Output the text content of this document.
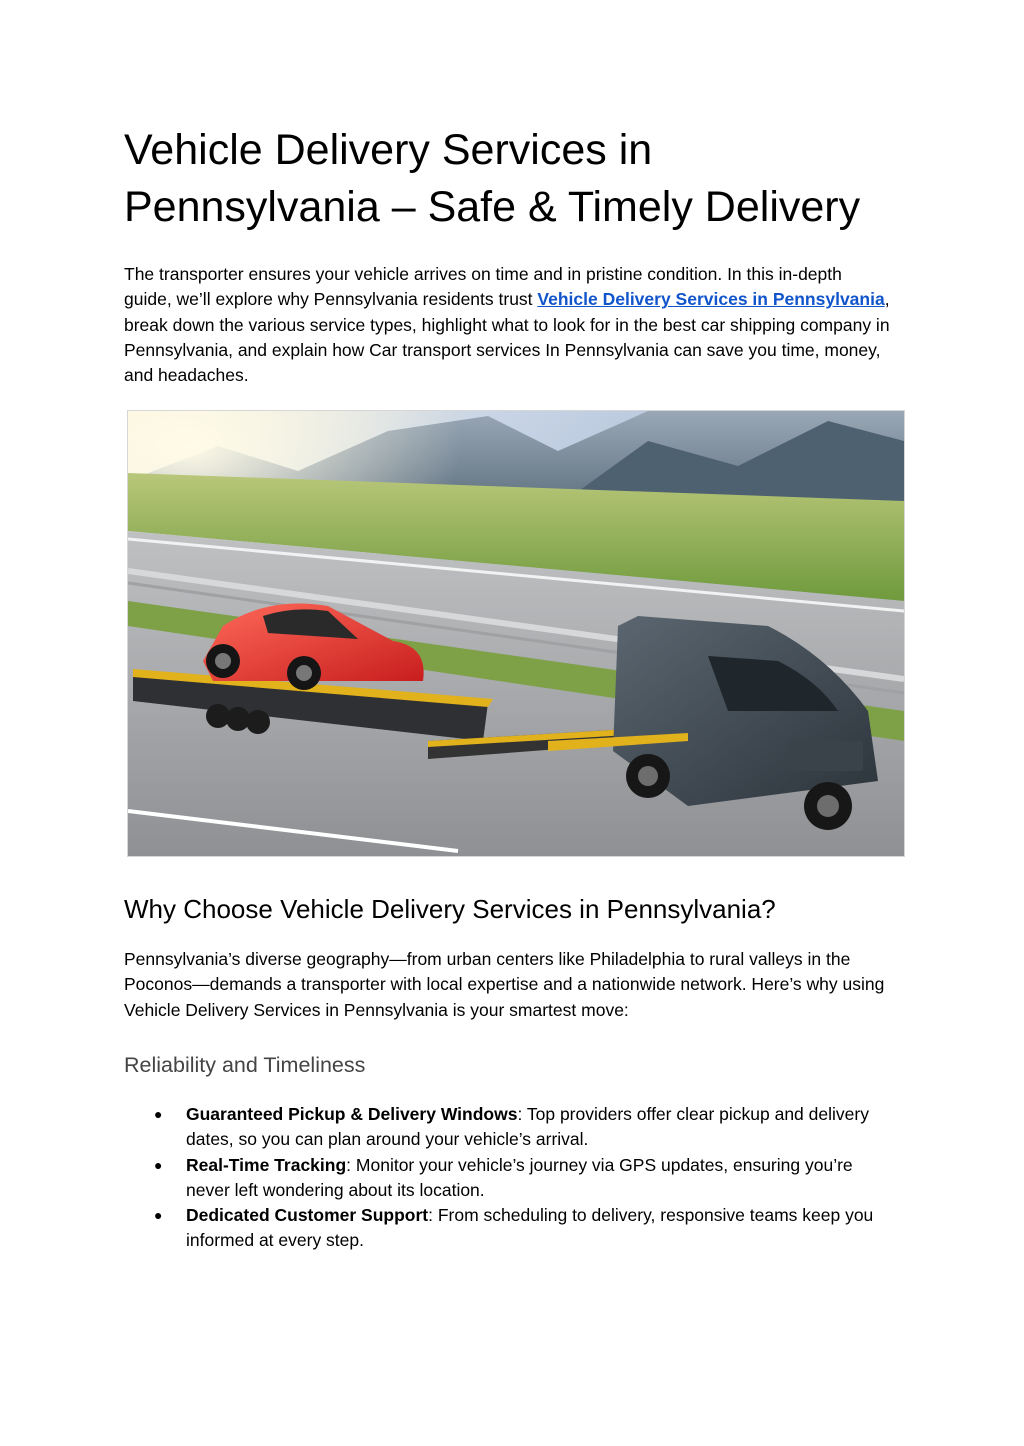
Vehicle Delivery Services in Pennsylvania – Safe & Timely Delivery

The transporter ensures your vehicle arrives on time and in pristine condition. In this in-depth guide, we’ll explore why Pennsylvania residents trust Vehicle Delivery Services in Pennsylvania, break down the various service types, highlight what to look for in the best car shipping company in Pennsylvania, and explain how Car transport services In Pennsylvania can save you time, money, and headaches.

Why Choose Vehicle Delivery Services in Pennsylvania?

Pennsylvania’s diverse geography—from urban centers like Philadelphia to rural valleys in the Poconos—demands a transporter with local expertise and a nationwide network. Here’s why using Vehicle Delivery Services in Pennsylvania is your smartest move:

Reliability and Timeliness
● Guaranteed Pickup & Delivery Windows: Top providers offer clear pickup and delivery dates, so you can plan around your vehicle’s arrival.
● Real-Time Tracking: Monitor your vehicle’s journey via GPS updates, ensuring you’re never left wondering about its location.
● Dedicated Customer Support: From scheduling to delivery, responsive teams keep you informed at every step.
